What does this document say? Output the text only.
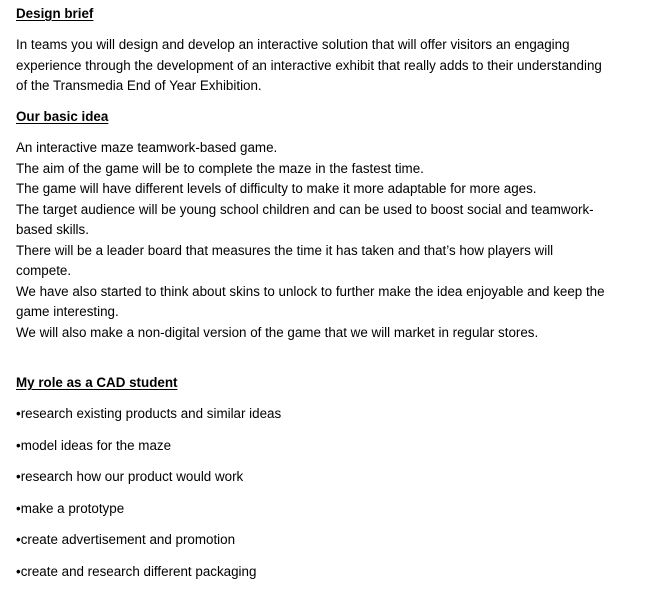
Design brief

In teams you will design and develop an interactive solution that will offer visitors an engaging
experience through the development of an interactive exhibit that really adds to their understanding
of the Transmedia End of Year Exhibition.

Our basic idea

An interactive maze teamwork-based game.
The aim of the game will be to complete the maze in the fastest time.
The game will have different levels of difficulty to make it more adaptable for more ages.
The target audience will be young school children and can be used to boost social and teamwork-
based skills.
There will be a leader board that measures the time it has taken and that’s how players will
compete.
We have also started to think about skins to unlock to further make the idea enjoyable and keep the
game interesting.
We will also make a non-digital version of the game that we will market in regular stores.

My role as a CAD student

•research existing products and similar ideas

•model ideas for the maze

•research how our product would work

•make a prototype

•create advertisement and promotion

•create and research different packaging
